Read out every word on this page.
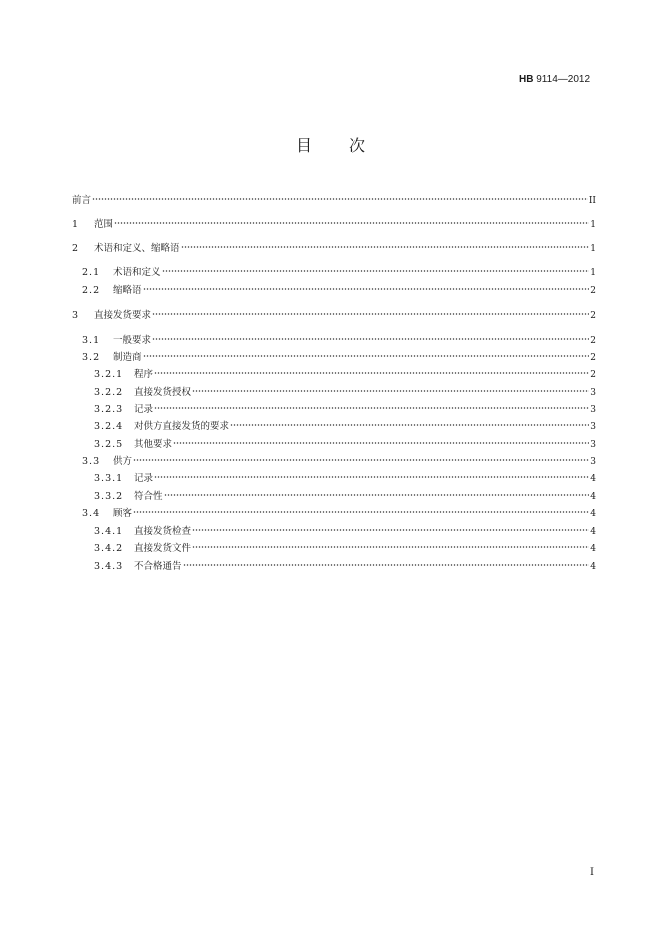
HB 9114—2012
目 次
前言	II
1	范围	1
2	术语和定义、缩略语	1
2.1	术语和定义	1
2.2	缩略语	2
3	直接发货要求	2
3.1	一般要求	2
3.2	制造商	2
3.2.1	程序	2
3.2.2	直接发货授权	3
3.2.3	记录	3
3.2.4	对供方直接发货的要求	3
3.2.5	其他要求	3
3.3	供方	3
3.3.1	记录	4
3.3.2	符合性	4
3.4	顾客	4
3.4.1	直接发货检查	4
3.4.2	直接发货文件	4
3.4.3	不合格通告	4
I
